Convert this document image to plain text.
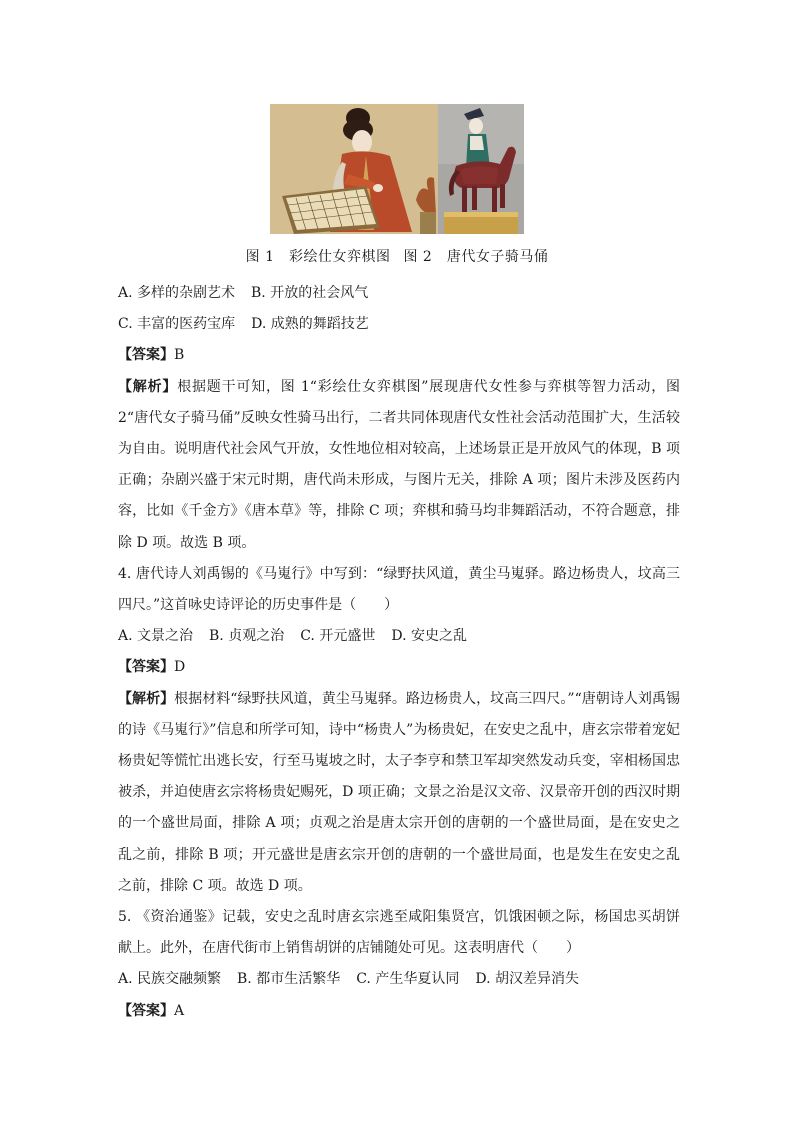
图 1　彩绘仕女弈棋图 图 2　唐代女子骑马俑

A. 多样的杂剧艺术 B. 开放的社会风气

C. 丰富的医药宝库 D. 成熟的舞蹈技艺

【答案】B

【解析】根据题干可知，图 1“彩绘仕女弈棋图”展现唐代女性参与弈棋等智力活动，图 2“唐代女子骑马俑”反映女性骑马出行，二者共同体现唐代女性社会活动范围扩大，生活较为自由。说明唐代社会风气开放，女性地位相对较高，上述场景正是开放风气的体现，B 项正确；杂剧兴盛于宋元时期，唐代尚未形成，与图片无关，排除 A 项；图片未涉及医药内容，比如《千金方》《唐本草》等，排除 C 项；弈棋和骑马均非舞蹈活动，不符合题意，排除 D 项。故选 B 项。

4. 唐代诗人刘禹锡的《马嵬行》中写到：“绿野扶风道，黄尘马嵬驿。路边杨贵人，坟高三四尺。”这首咏史诗评论的历史事件是（　　）

A. 文景之治 B. 贞观之治 C. 开元盛世 D. 安史之乱

【答案】D

【解析】根据材料“绿野扶风道，黄尘马嵬驿。路边杨贵人，坟高三四尺。”“唐朝诗人刘禹锡的诗《马嵬行》”信息和所学可知，诗中“杨贵人”为杨贵妃，在安史之乱中，唐玄宗带着宠妃杨贵妃等慌忙出逃长安，行至马嵬坡之时，太子李亨和禁卫军却突然发动兵变，宰相杨国忠被杀，并迫使唐玄宗将杨贵妃赐死，D 项正确；文景之治是汉文帝、汉景帝开创的西汉时期的一个盛世局面，排除 A 项；贞观之治是唐太宗开创的唐朝的一个盛世局面，是在安史之乱之前，排除 B 项；开元盛世是唐玄宗开创的唐朝的一个盛世局面，也是发生在安史之乱之前，排除 C 项。故选 D 项。

5. 《资治通鉴》记载，安史之乱时唐玄宗逃至咸阳集贤宫，饥饿困顿之际，杨国忠买胡饼献上。此外，在唐代街市上销售胡饼的店铺随处可见。这表明唐代（　　）

A. 民族交融频繁 B. 都市生活繁华 C. 产生华夏认同 D. 胡汉差异消失

【答案】A
